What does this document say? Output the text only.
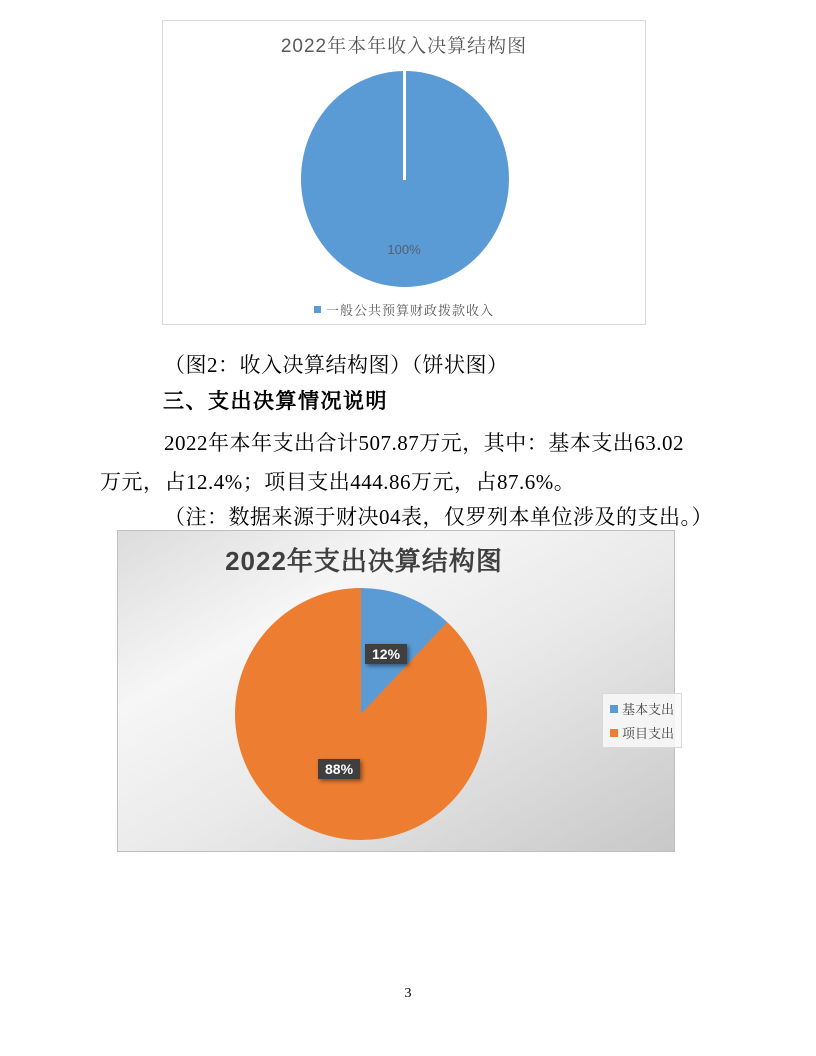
2022年本年收入决算结构图
100%
一般公共预算财政拨款收入
（图2：收入决算结构图）（饼状图）
三、支出决算情况说明
2022年本年支出合计507.87万元，其中：基本支出63.02
万元，占12.4%；项目支出444.86万元，占87.6%。
（注：数据来源于财决04表，仅罗列本单位涉及的支出。）
2022年支出决算结构图
12%
88%
基本支出
项目支出
3
